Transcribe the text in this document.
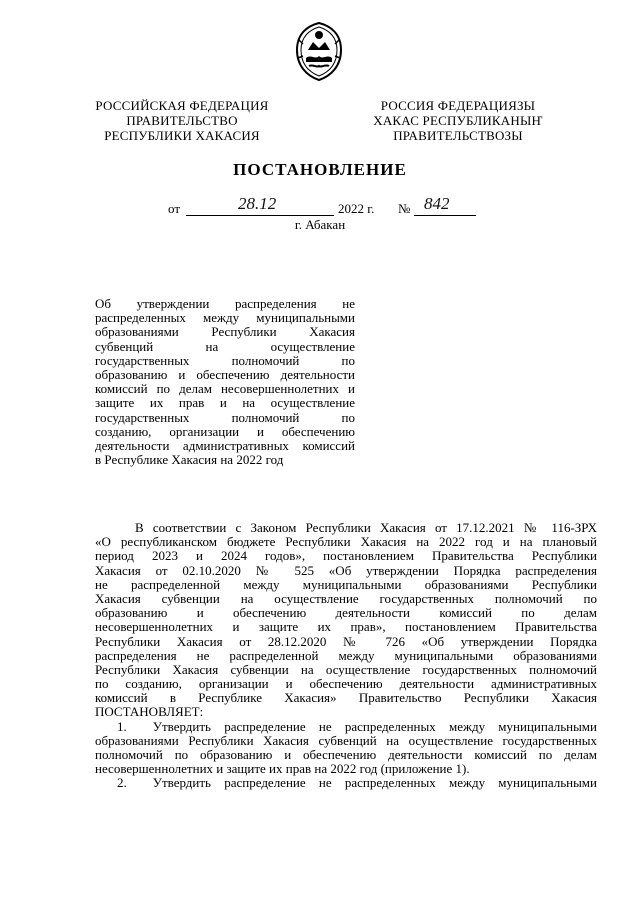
РОССИЙСКАЯ ФЕДЕРАЦИЯ
ПРАВИТЕЛЬСТВО
РЕСПУБЛИКИ ХАКАСИЯ
РОССИЯ ФЕДЕРАЦИЯЗЫ
ХАКАС РЕСПУБЛИКАНЫҤ
ПРАВИТЕЛЬСТВОЗЫ
ПОСТАНОВЛЕНИЕ
от	28.12	2022 г. № 842
г. Абакан
Об утверждении распределения не
распределенных между муниципальными
образованиями Республики Хакасия
субвенций на осуществление
государственных полномочий по
образованию и обеспечению деятельности
комиссий по делам несовершеннолетних и
защите их прав и на осуществление
государственных полномочий по
созданию, организации и обеспечению
деятельности административных комиссий
в Республике Хакасия на 2022 год
В соответствии с Законом Республики Хакасия от 17.12.2021 № 116-ЗРХ
«О республиканском бюджете Республики Хакасия на 2022 год и на плановый
период 2023 и 2024 годов», постановлением Правительства Республики
Хакасия от 02.10.2020 № 525 «Об утверждении Порядка распределения
не распределенной между муниципальными образованиями Республики
Хакасия субвенции на осуществление государственных полномочий по
образованию и обеспечению деятельности комиссий по делам
несовершеннолетних и защите их прав», постановлением Правительства
Республики Хакасия от 28.12.2020 № 726 «Об утверждении Порядка
распределения не распределенной между муниципальными образованиями
Республики Хакасия субвенции на осуществление государственных полномочий
по созданию, организации и обеспечению деятельности административных
комиссий в Республике Хакасия» Правительство Республики Хакасия
ПОСТАНОВЛЯЕТ:
1.  Утвердить распределение не распределенных между муниципальными
образованиями Республики Хакасия субвенций на осуществление государственных
полномочий по образованию и обеспечению деятельности комиссий по делам
несовершеннолетних и защите их прав на 2022 год (приложение 1).
2.  Утвердить распределение не распределенных между муниципальными
